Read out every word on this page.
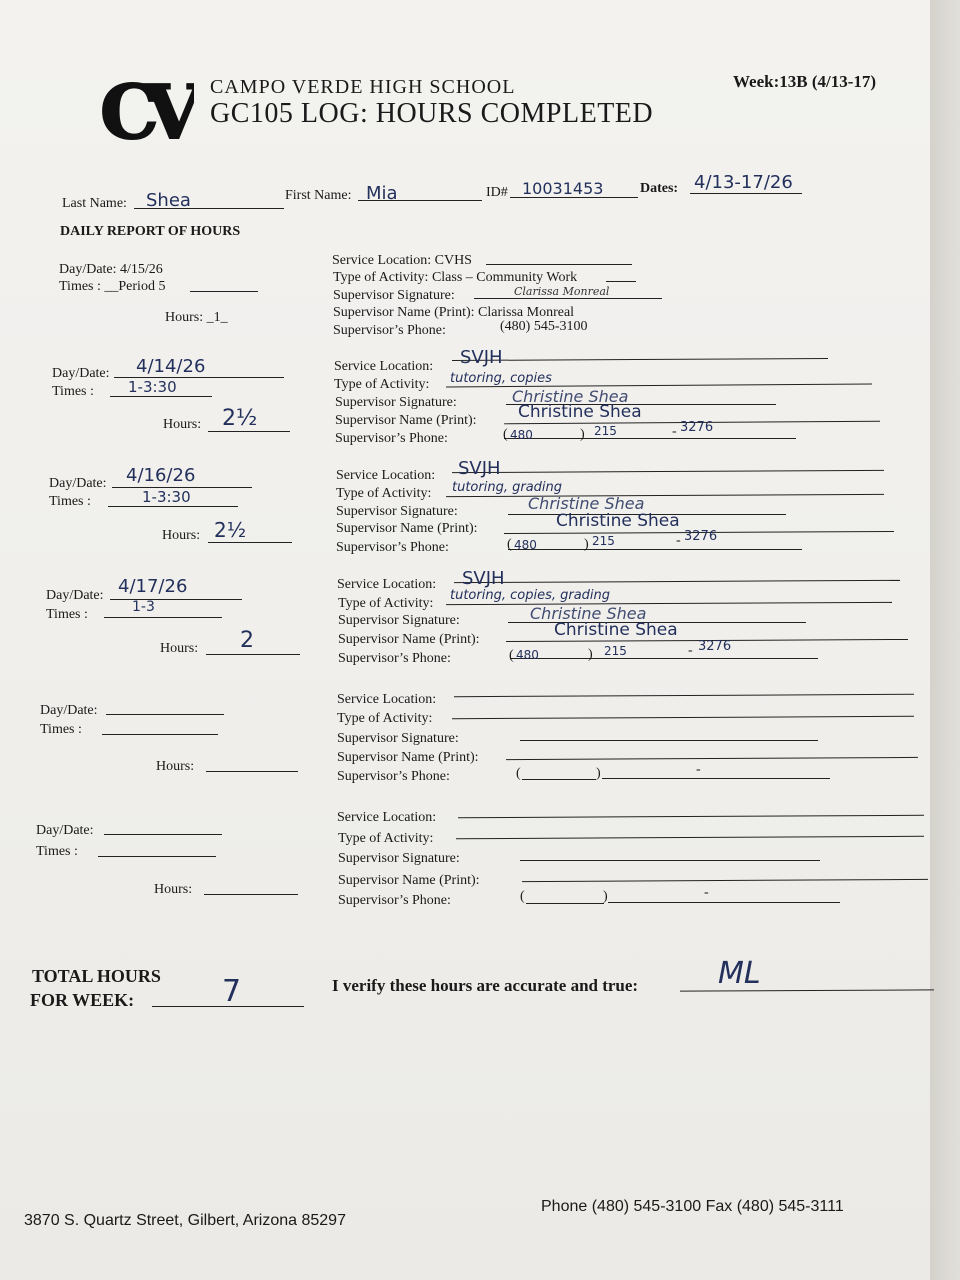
CV	CAMPO VERDE HIGH SCHOOL
GC105 LOG: HOURS COMPLETED
Week:13B (4/13-17)
Last Name: Shea	First Name: Mia	ID# 10031453	Dates: 4/13-17/26
DAILY REPORT OF HOURS
Day/Date: 4/15/26
Times : __Period 5
Hours: _1_
Service Location: CVHS
Type of Activity: Class – Community Work
Supervisor Signature:	Clarissa Monreal
Supervisor Name (Print): Clarissa Monreal
Supervisor’s Phone:	(480) 545-3100
Day/Date: 4/14/26
Times : 1-3:30
Hours: 2½
Service Location: SVJH
Type of Activity: tutoring, copies
Supervisor Signature:	Christine Shea
Supervisor Name (Print): Christine Shea
Supervisor’s Phone:	( 480	) 215	- 3276
Day/Date: 4/16/26
Times :	1-3:30
Hours: 2½
Service Location: SVJH
Type of Activity: tutoring, grading
Supervisor Signature:	Christine Shea
Supervisor Name (Print):	Christine Shea
Supervisor’s Phone:	( 480	) 215	- 3276
Day/Date: 4/17/26
Times :	1-3
Hours: 2
Service Location: SVJH
Type of Activity:
tutoring, copies, grading
Supervisor Signature:	Christine Shea
Supervisor Name (Print):	Christine Shea
Supervisor’s Phone:	( 480	) 215	- 3276
Day/Date:
Times :
Hours:
Service Location:
Type of Activity:
Supervisor Signature:
Supervisor Name (Print):
Supervisor’s Phone:	(	)	-
Day/Date:
Times :
Hours:
Service Location:
Type of Activity:
Supervisor Signature:
Supervisor Name (Print):
Supervisor’s Phone:	(	)	-
TOTAL HOURS
FOR WEEK:	7	I verify these hours are accurate and true:	ML
3870 S. Quartz Street, Gilbert, Arizona 85297
Phone (480) 545-3100 Fax (480) 545-3111
